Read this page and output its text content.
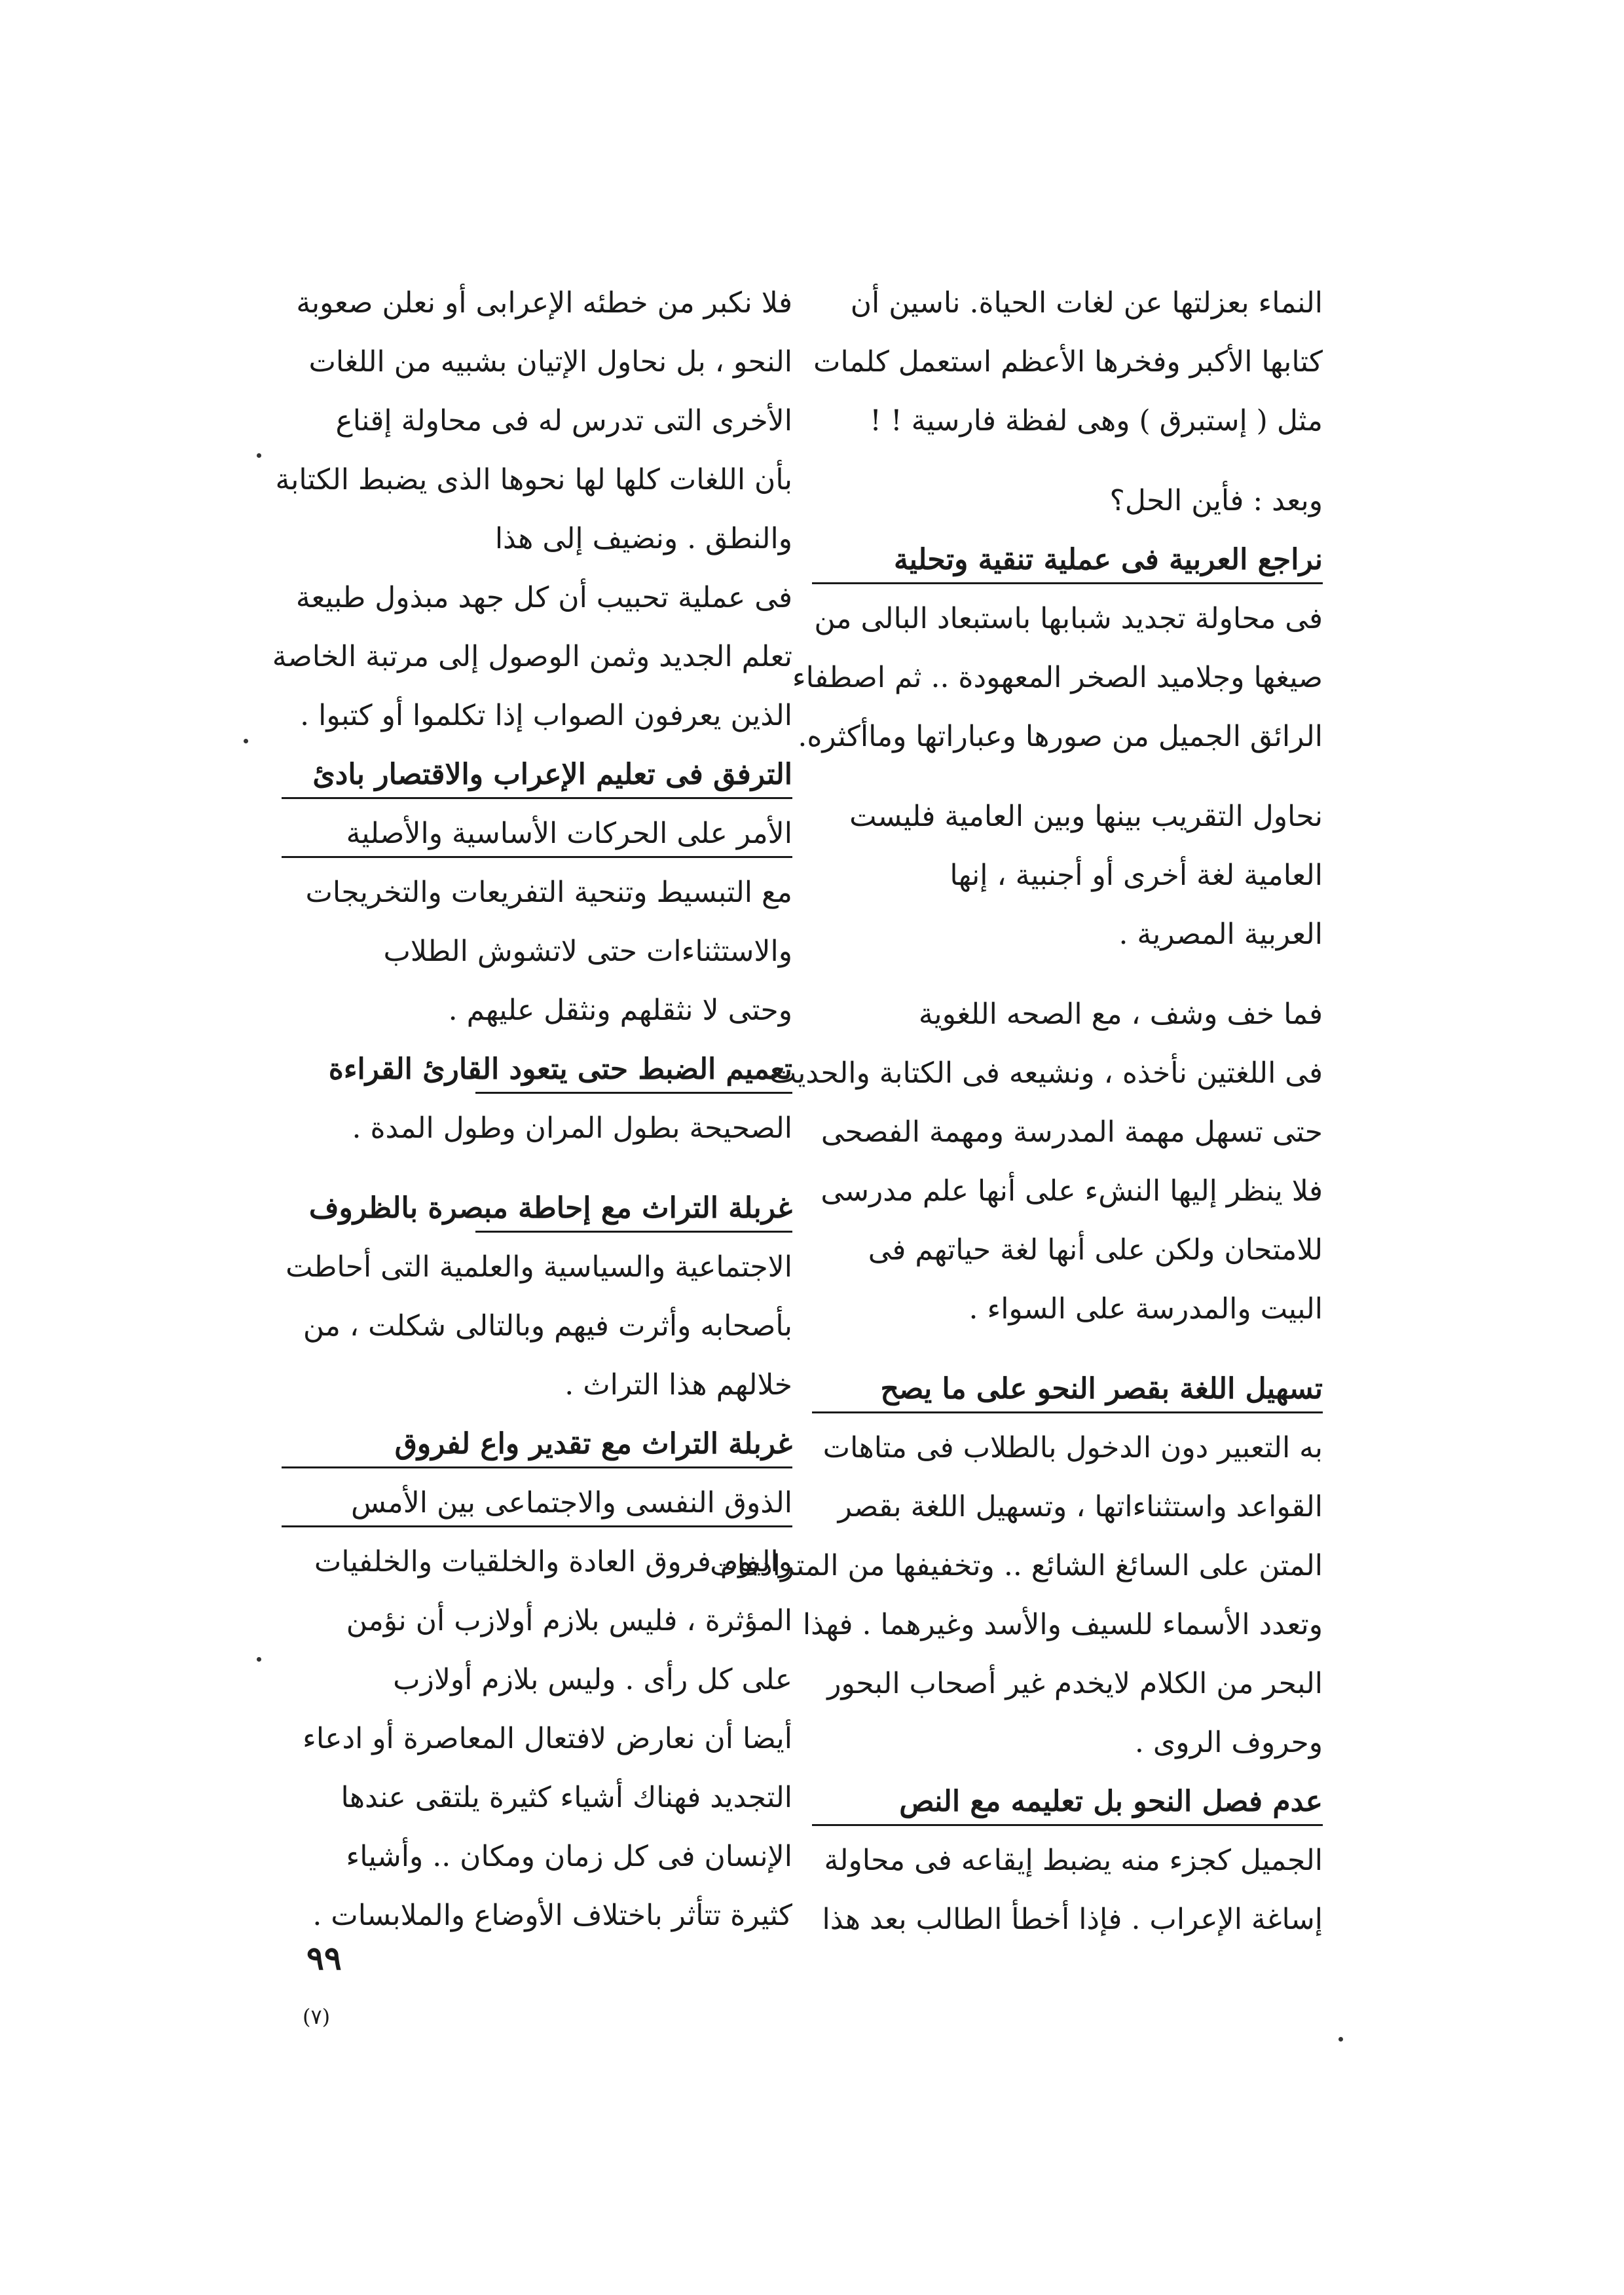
النماء بعزلتها عن لغات الحياة. ناسين أن
كتابها الأكبر وفخرها الأعظم استعمل كلمات
مثل ( إستبرق ) وهى لفظة فارسية ! !
وبعد : فأين الحل؟
نراجع العربية فى عملية تنقية وتحلية
فى محاولة تجديد شبابها باستبعاد البالى من
صيغها وجلاميد الصخر المعهودة .. ثم اصطفاء
الرائق الجميل من صورها وعباراتها وماأكثره.
نحاول التقريب بينها وبين العامية فليست
العامية لغة أخرى أو أجنبية ، إنها
العربية المصرية .
فما خف وشف ، مع الصحه اللغوية
فى اللغتين نأخذه ، ونشيعه فى الكتابة والحديث
حتى تسهل مهمة المدرسة ومهمة الفصحى
فلا ينظر إليها النشء على أنها علم مدرسى
للامتحان ولكن على أنها لغة حياتهم فى
البيت والمدرسة على السواء .
تسهيل اللغة بقصر النحو على ما يصح
به التعبير دون الدخول بالطلاب فى متاهات
القواعد واستثناءاتها ، وتسهيل اللغة بقصر
المتن على السائغ الشائع .. وتخفيفها من المترادفات
وتعدد الأسماء للسيف والأسد وغيرهما . فهذا
البحر من الكلام لايخدم غير أصحاب البحور
وحروف الروى .
عدم فصل النحو بل تعليمه مع النص
الجميل كجزء منه يضبط إيقاعه فى محاولة
إساغة الإعراب . فإذا أخطأ الطالب بعد هذا
فلا نكبر من خطئه الإعرابى أو نعلن صعوبة
النحو ، بل نحاول الإتيان بشبيه من اللغات
الأخرى التى تدرس له فى محاولة إقناع
بأن اللغات كلها لها نحوها الذى يضبط الكتابة
والنطق . ونضيف إلى هذا
فى عملية تحبيب أن كل جهد مبذول طبيعة
تعلم الجديد وثمن الوصول إلى مرتبة الخاصة
الذين يعرفون الصواب إذا تكلموا أو كتبوا .
الترفق فى تعليم الإعراب والاقتصار بادئ
الأمر على الحركات الأساسية والأصلية
مع التبسيط وتنحية التفريعات والتخريجات
والاستثناءات حتى لاتشوش الطلاب
وحتى لا نثقلهم ونثقل عليهم .
تعميم الضبط حتى يتعود القارئ القراءة
الصحيحة بطول المران وطول المدة .
غربلة التراث مع إحاطة مبصرة بالظروف
الاجتماعية والسياسية والعلمية التى أحاطت
بأصحابه وأثرت فيهم وبالتالى شكلت ، من
خلالهم هذا التراث .
غربلة التراث مع تقدير واع لفروق
الذوق النفسى والاجتماعى بين الأمس
واليوم فروق العادة والخلقيات والخلفيات
المؤثرة ، فليس بلازم أولازب أن نؤمن
على كل رأى . وليس بلازم أولازب
أيضا أن نعارض لافتعال المعاصرة أو ادعاء
التجديد فهناك أشياء كثيرة يلتقى عندها
الإنسان فى كل زمان ومكان .. وأشياء
كثيرة تتأثر باختلاف الأوضاع والملابسات .
٩٩
(٧)
